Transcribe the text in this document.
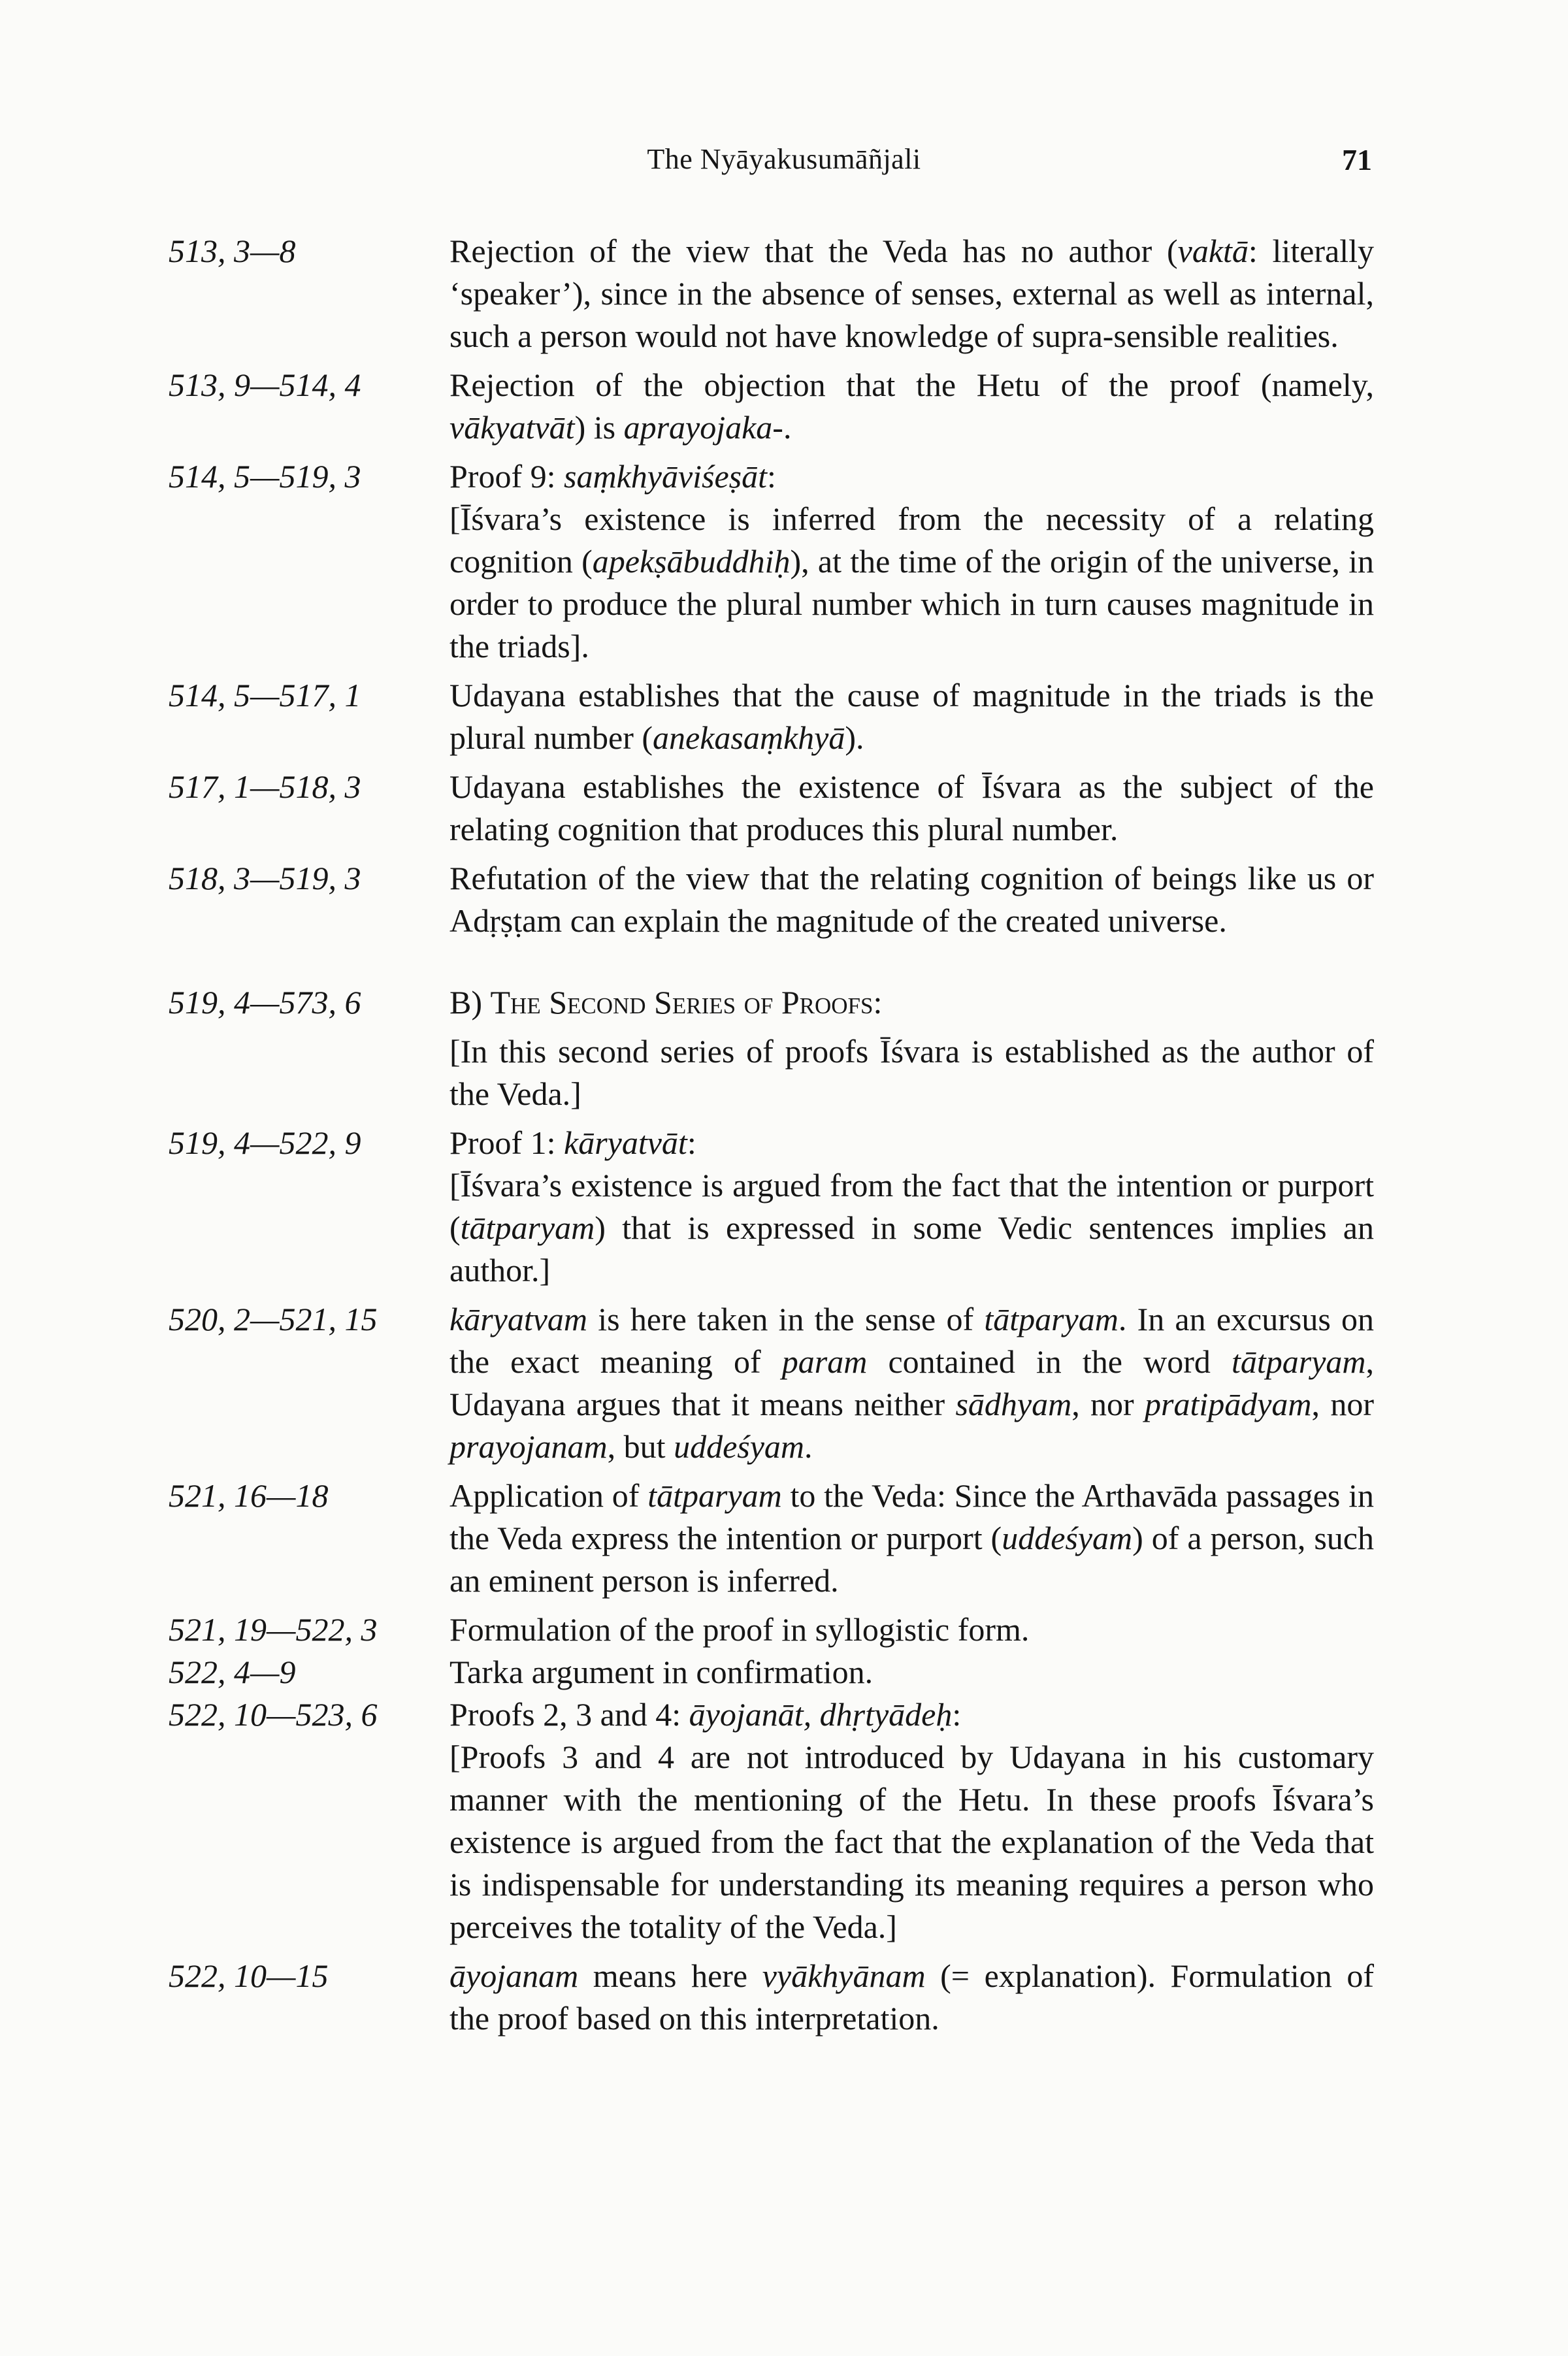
The Nyāyakusumāñjali	71
513, 3—8	Rejection of the view that the Veda has no author (vaktā: literally ‘speaker’), since in the absence of senses, external as well as internal, such a person would not have knowledge of supra-sensible realities.

513, 9—514, 4	Rejection of the objection that the Hetu of the proof (namely, vākyatvāt) is aprayojaka-.

514, 5—519, 3	Proof 9: saṃkhyāviśeṣāt:

[Īśvara’s existence is inferred from the necessity of a relating cognition (apekṣābuddhiḥ), at the time of the origin of the universe, in order to produce the plural number which in turn causes magnitude in the triads].

514, 5—517, 1	Udayana establishes that the cause of magnitude in the triads is the plural number (anekasaṃkhyā).

517, 1—518, 3	Udayana establishes the existence of Īśvara as the subject of the relating cognition that produces this plural number.

518, 3—519, 3	Refutation of the view that the relating cognition of beings like us or Adṛṣṭam can explain the magnitude of the created universe.

519, 4—573, 6	B) The Second Series of Proofs:

[In this second series of proofs Īśvara is established as the author of the Veda.]

519, 4—522, 9	Proof 1: kāryatvāt:

[Īśvara’s existence is argued from the fact that the intention or purport (tātparyam) that is expressed in some Vedic sentences implies an author.]

520, 2—521, 15 kāryatvam is here taken in the sense of tātparyam. In an excursus on the exact meaning of param contained in the word tātparyam, Udayana argues that it means neither sādhyam, nor pratipādyam, nor prayojanam, but uddeśyam.

521, 16—18	Application of tātparyam to the Veda: Since the Arthavāda passages in the Veda express the intention or purport (uddeśyam) of a person, such an eminent person is inferred.

521, 19—522, 3 Formulation of the proof in syllogistic form.

522, 4—9	Tarka argument in confirmation.

522, 10—523, 6 Proofs 2, 3 and 4: āyojanāt, dhṛtyādeḥ:

[Proofs 3 and 4 are not introduced by Udayana in his customary manner with the mentioning of the Hetu. In these proofs Īśvara’s existence is argued from the fact that the explanation of the Veda that is indispensable for understanding its meaning requires a person who perceives the totality of the Veda.]

522, 10—15	āyojanam means here vyākhyānam (= explanation). Formulation of the proof based on this interpretation.
